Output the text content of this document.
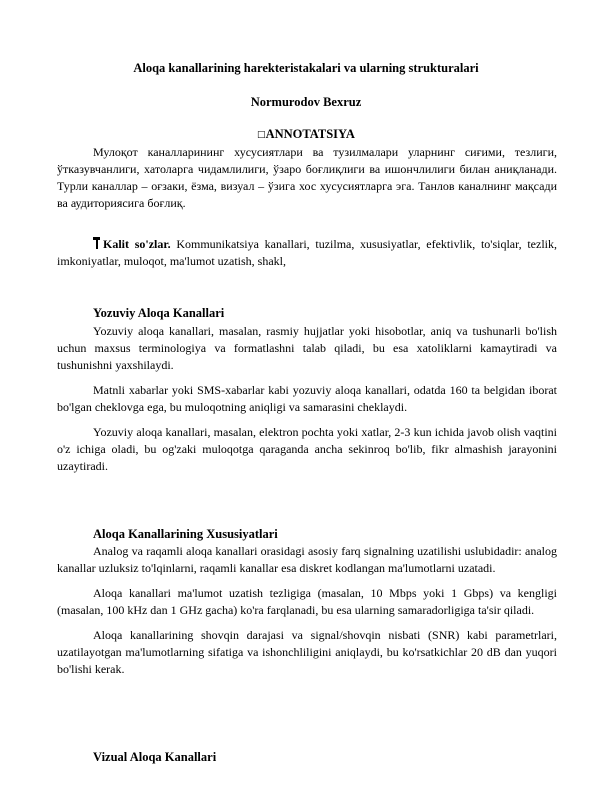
Aloqa kanallarining harekteristakalari va ularning strukturalari
Normurodov Bexruz
□ANNOTATSIYA

Мулоқот каналларининг хусусиятлари ва тузилмалари уларнинг сиғими, тезлиги, ўтказувчанлиги, хатоларга чидамлилиги, ўзаро боғлиқлиги ва ишончлилиги билан аниқланади. Турли каналлар – оғзаки, ёзма, визуал – ўзига хос хусусиятларга эга. Танлов каналнинг мақсади ва аудиториясига боғлиқ.

Kalit so'zlar. Kommunikatsiya kanallari, tuzilma, xususiyatlar, efektivlik, to'siqlar, tezlik, imkoniyatlar, muloqot, ma'lumot uzatish, shakl,

Yozuviy Aloqa Kanallari

Yozuviy aloqa kanallari, masalan, rasmiy hujjatlar yoki hisobotlar, aniq va tushunarli bo'lish uchun maxsus terminologiya va formatlashni talab qiladi, bu esa xatoliklarni kamaytiradi va tushunishni yaxshilaydi.

Matnli xabarlar yoki SMS-xabarlar kabi yozuviy aloqa kanallari, odatda 160 ta belgidan iborat bo'lgan cheklovga ega, bu muloqotning aniqligi va samarasini cheklaydi.

Yozuviy aloqa kanallari, masalan, elektron pochta yoki xatlar, 2-3 kun ichida javob olish vaqtini o'z ichiga oladi, bu og'zaki muloqotga qaraganda ancha sekinroq bo'lib, fikr almashish jarayonini uzaytiradi.

Aloqa Kanallarining Xususiyatlari

Analog va raqamli aloqa kanallari orasidagi asosiy farq signalning uzatilishi uslubidadir: analog kanallar uzluksiz to'lqinlarni, raqamli kanallar esa diskret kodlangan ma'lumotlarni uzatadi.

Aloqa kanallari ma'lumot uzatish tezligiga (masalan, 10 Mbps yoki 1 Gbps) va kengligi (masalan, 100 kHz dan 1 GHz gacha) ko'ra farqlanadi, bu esa ularning samaradorligiga ta'sir qiladi.

Aloqa kanallarining shovqin darajasi va signal/shovqin nisbati (SNR) kabi parametrlari, uzatilayotgan ma'lumotlarning sifatiga va ishonchliligini aniqlaydi, bu ko'rsatkichlar 20 dB dan yuqori bo'lishi kerak.

Vizual Aloqa Kanallari
